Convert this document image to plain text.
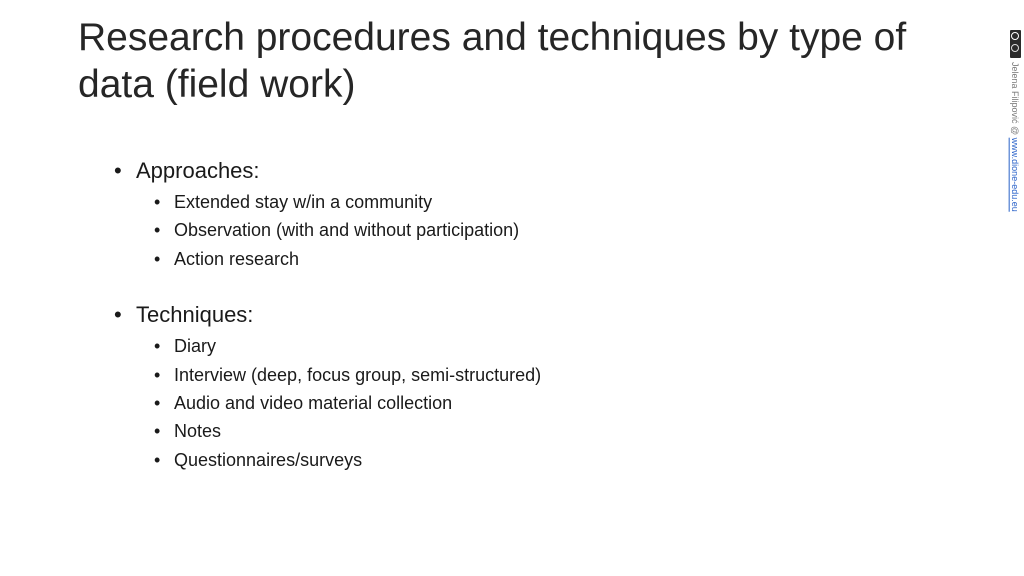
Research procedures and techniques by type of data (field work)
• Approaches:
• Extended stay w/in a community
• Observation (with and without participation)
• Action research
• Techniques:
• Diary
• Interview (deep, focus group, semi-structured)
• Audio and video material collection
• Notes
• Questionnaires/surveys
Jelena Filipović @ www.dione-edu.eu
